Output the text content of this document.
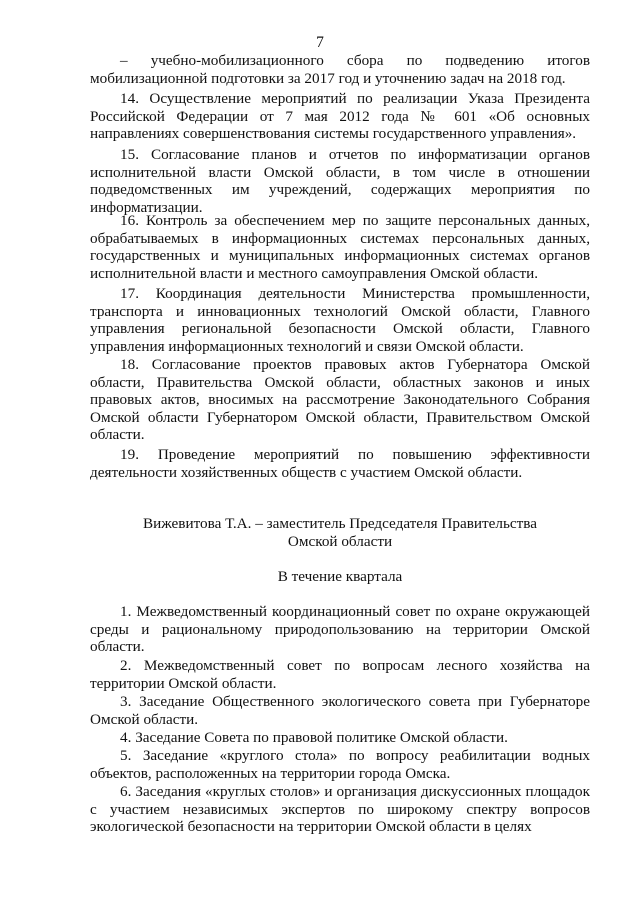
7
– учебно-мобилизационного сбора по подведению итогов мобилизационной подготовки за 2017 год и уточнению задач на 2018 год.
14. Осуществление мероприятий по реализации Указа Президента Российской Федерации от 7 мая 2012 года № 601 «Об основных направлениях совершенствования системы государственного управления».
15. Согласование планов и отчетов по информатизации органов исполнительной власти Омской области, в том числе в отношении подведомственных им учреждений, содержащих мероприятия по информатизации.
16. Контроль за обеспечением мер по защите персональных данных, обрабатываемых в информационных системах персональных данных, государственных и муниципальных информационных системах органов исполнительной власти и местного самоуправления Омской области.
17. Координация деятельности Министерства промышленности, транспорта и инновационных технологий Омской области, Главного управления региональной безопасности Омской области, Главного управления информационных технологий и связи Омской области.
18. Согласование проектов правовых актов Губернатора Омской области, Правительства Омской области, областных законов и иных правовых актов, вносимых на рассмотрение Законодательного Собрания Омской области Губернатором Омской области, Правительством Омской области.
19. Проведение мероприятий по повышению эффективности деятельности хозяйственных обществ с участием Омской области.
Вижевитова Т.А. – заместитель Председателя Правительства
Омской области
В течение квартала
1. Межведомственный координационный совет по охране окружающей среды и рациональному природопользованию на территории Омской области.
2. Межведомственный совет по вопросам лесного хозяйства на территории Омской области.
3. Заседание Общественного экологического совета при Губернаторе Омской области.
4. Заседание Совета по правовой политике Омской области.
5. Заседание «круглого стола» по вопросу реабилитации водных объектов, расположенных на территории города Омска.
6. Заседания «круглых столов» и организация дискуссионных площадок с участием независимых экспертов по широкому спектру вопросов экологической безопасности на территории Омской области в целях
